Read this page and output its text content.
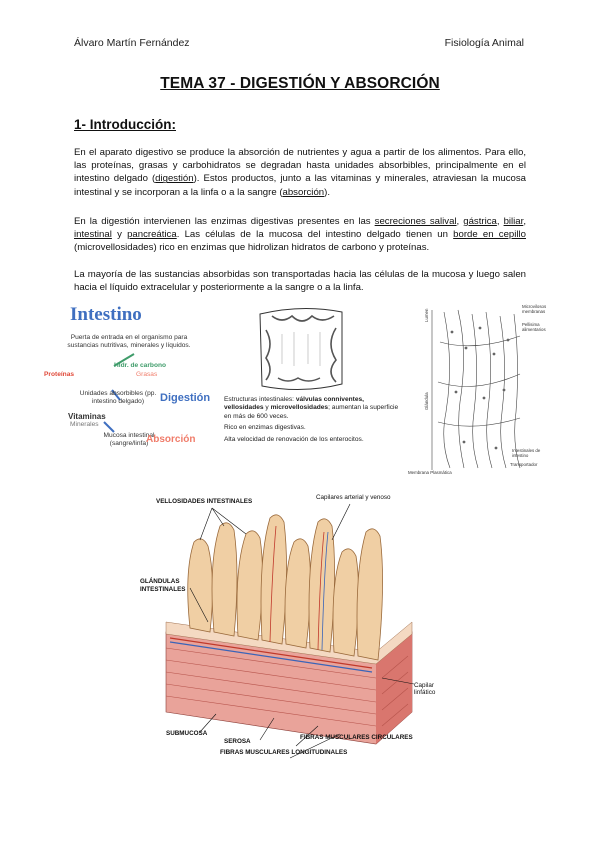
Álvaro Martín Fernández	Fisiología Animal
TEMA 37 - DIGESTIÓN Y ABSORCIÓN
1- Introducción:
En el aparato digestivo se produce la absorción de nutrientes y agua a partir de los alimentos. Para ello, las proteínas, grasas y carbohidratos se degradan hasta unidades absorbibles, principalmente en el intestino delgado (digestión). Estos productos, junto a las vitaminas y minerales, atraviesan la mucosa intestinal y se incorporan a la linfa o a la sangre (absorción).
En la digestión intervienen las enzimas digestivas presentes en las secreciones salival, gástrica, biliar, intestinal y pancreática. Las células de la mucosa del intestino delgado tienen un borde en cepillo (microvellosidades) rico en enzimas que hidrolizan hidratos de carbono y proteínas.
La mayoría de las sustancias absorbidas son transportadas hacia las células de la mucosa y luego salen hacia el líquido extracelular y posteriormente a la sangre o a la linfa.
Intestino
Puerta de entrada en el organismo para sustancias nutritivas, minerales y líquidos.
Hidr. de carbono
Proteínas	Grasas
Unidades absorbibles (pp. intestino delgado)
Vitaminas
Minerales
Mucosa intestinal (sangre/linfa)
Digestión
Absorción
Estructuras intestinales: válvulas conniventes, vellosidades y microvellosidades; aumentan la superficie en más de 600 veces.
Rico en enzimas digestivas.
Alta velocidad de renovación de los enterocitos.
Lumen
Glándula
Microvilosos membranas
Pellisima alimentarios
Intestinales de intestino
Transportador
Membrana Plasmática
VELLOSIDADES INTESTINALES
Capilares arterial y venoso
GLÁNDULAS INTESTINALES
Capilar linfático
SUBMUCOSA
SEROSA
FIBRAS MUSCULARES CIRCULARES
FIBRAS MUSCULARES LONGITUDINALES
